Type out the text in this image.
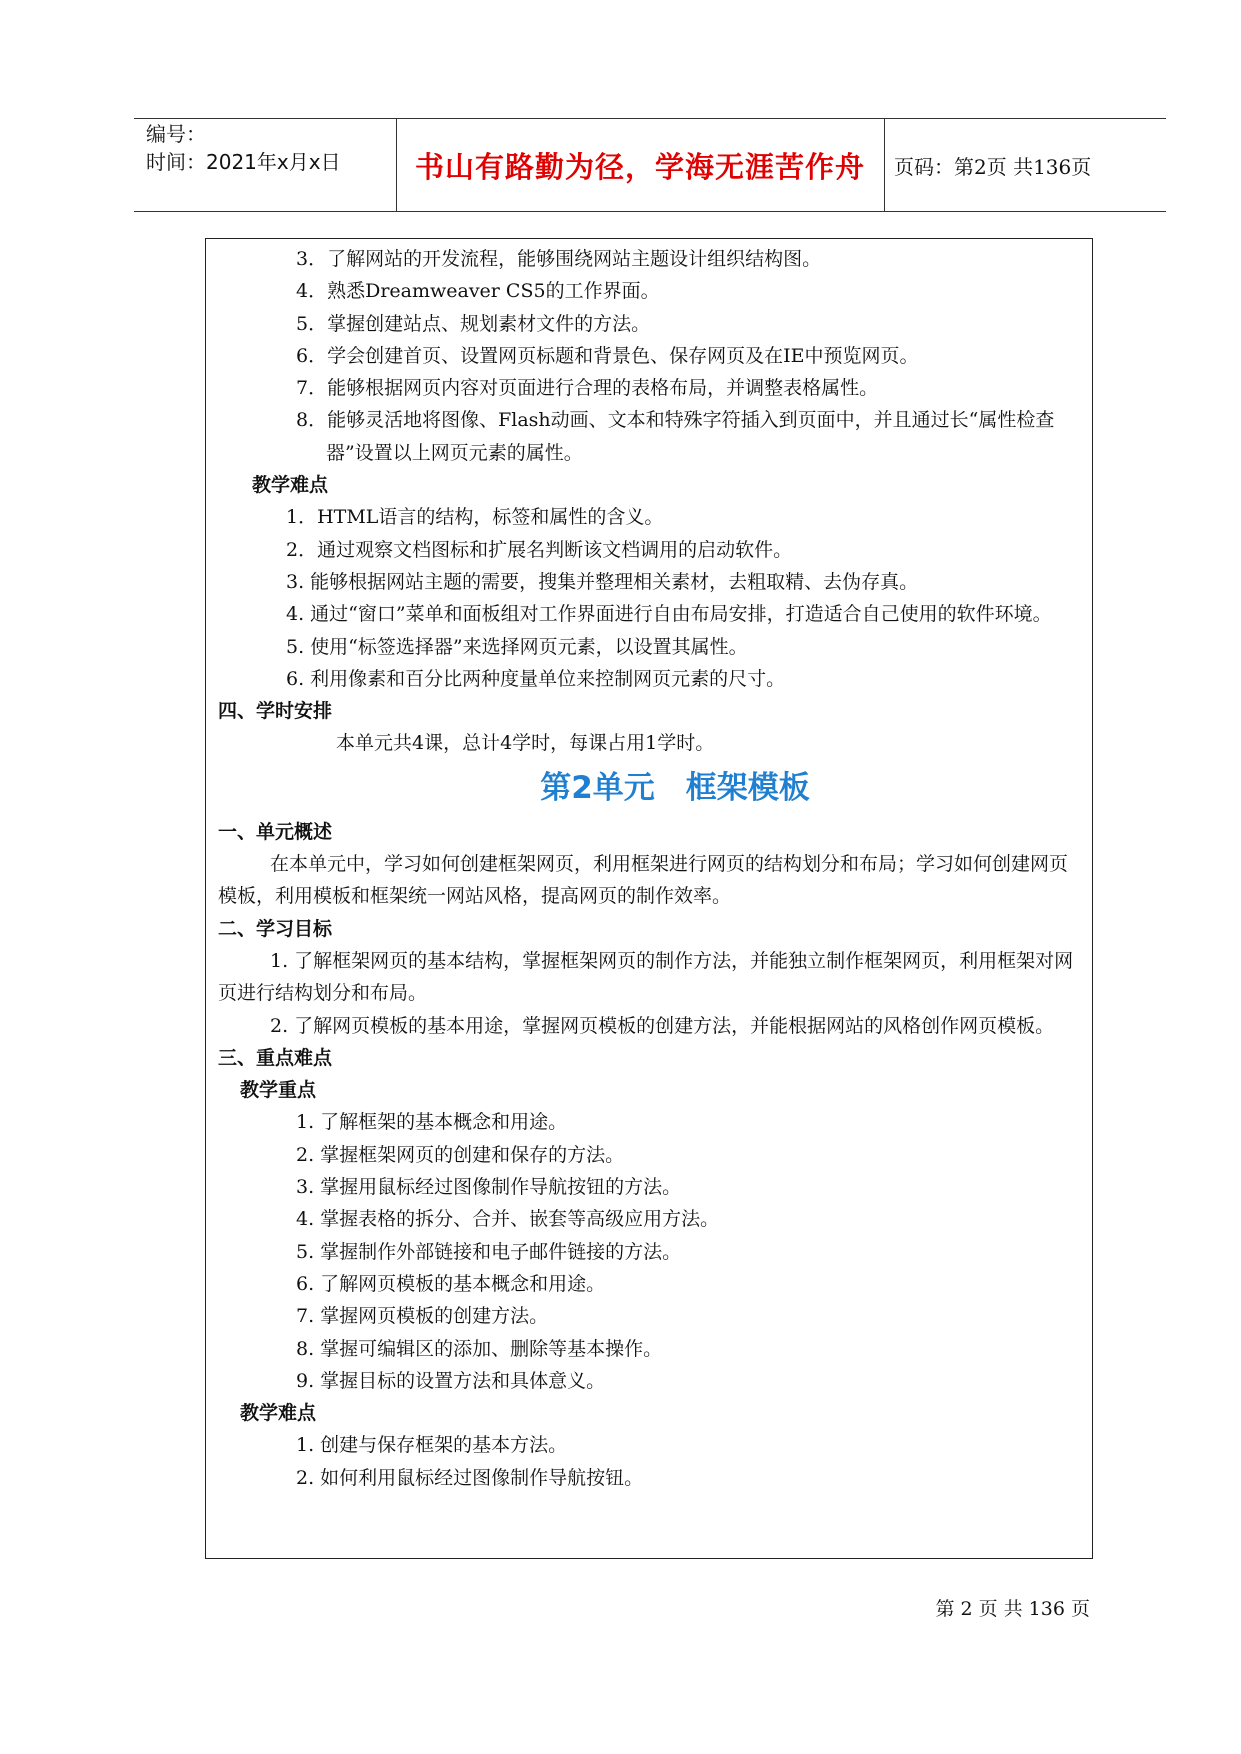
编号：
时间：2021年x月x日	书山有路勤为径，学海无涯苦作舟	页码：第2页 共136页

3．了解网站的开发流程，能够围绕网站主题设计组织结构图。

4．熟悉Dreamweaver CS5的工作界面。

5．掌握创建站点、规划素材文件的方法。

6．学会创建首页、设置网页标题和背景色、保存网页及在IE中预览网页。

7．能够根据网页内容对页面进行合理的表格布局，并调整表格属性。

8．能够灵活地将图像、Flash动画、文本和特殊字符插入到页面中，并且通过长“属性检查器”设置以上网页元素的属性。

教学难点

1．HTML语言的结构，标签和属性的含义。

2．通过观察文档图标和扩展名判断该文档调用的启动软件。

3. 能够根据网站主题的需要，搜集并整理相关素材，去粗取精、去伪存真。

4. 通过“窗口”菜单和面板组对工作界面进行自由布局安排，打造适合自己使用的软件环境。

5. 使用“标签选择器”来选择网页元素，以设置其属性。

6. 利用像素和百分比两种度量单位来控制网页元素的尺寸。

四、学时安排

本单元共4课，总计4学时，每课占用1学时。

第2单元　框架模板

一、单元概述

在本单元中，学习如何创建框架网页，利用框架进行网页的结构划分和布局；学习如何创建网页模板，利用模板和框架统一网站风格，提高网页的制作效率。

二、学习目标

1. 了解框架网页的基本结构，掌握框架网页的制作方法，并能独立制作框架网页，利用框架对网页进行结构划分和布局。

2. 了解网页模板的基本用途，掌握网页模板的创建方法，并能根据网站的风格创作网页模板。

三、重点难点

教学重点

1. 了解框架的基本概念和用途。

2. 掌握框架网页的创建和保存的方法。

3. 掌握用鼠标经过图像制作导航按钮的方法。

4. 掌握表格的拆分、合并、嵌套等高级应用方法。

5. 掌握制作外部链接和电子邮件链接的方法。

6. 了解网页模板的基本概念和用途。

7. 掌握网页模板的创建方法。

8. 掌握可编辑区的添加、删除等基本操作。

9. 掌握目标的设置方法和具体意义。

教学难点

1. 创建与保存框架的基本方法。

2. 如何利用鼠标经过图像制作导航按钮。

第 2 页 共 136 页
